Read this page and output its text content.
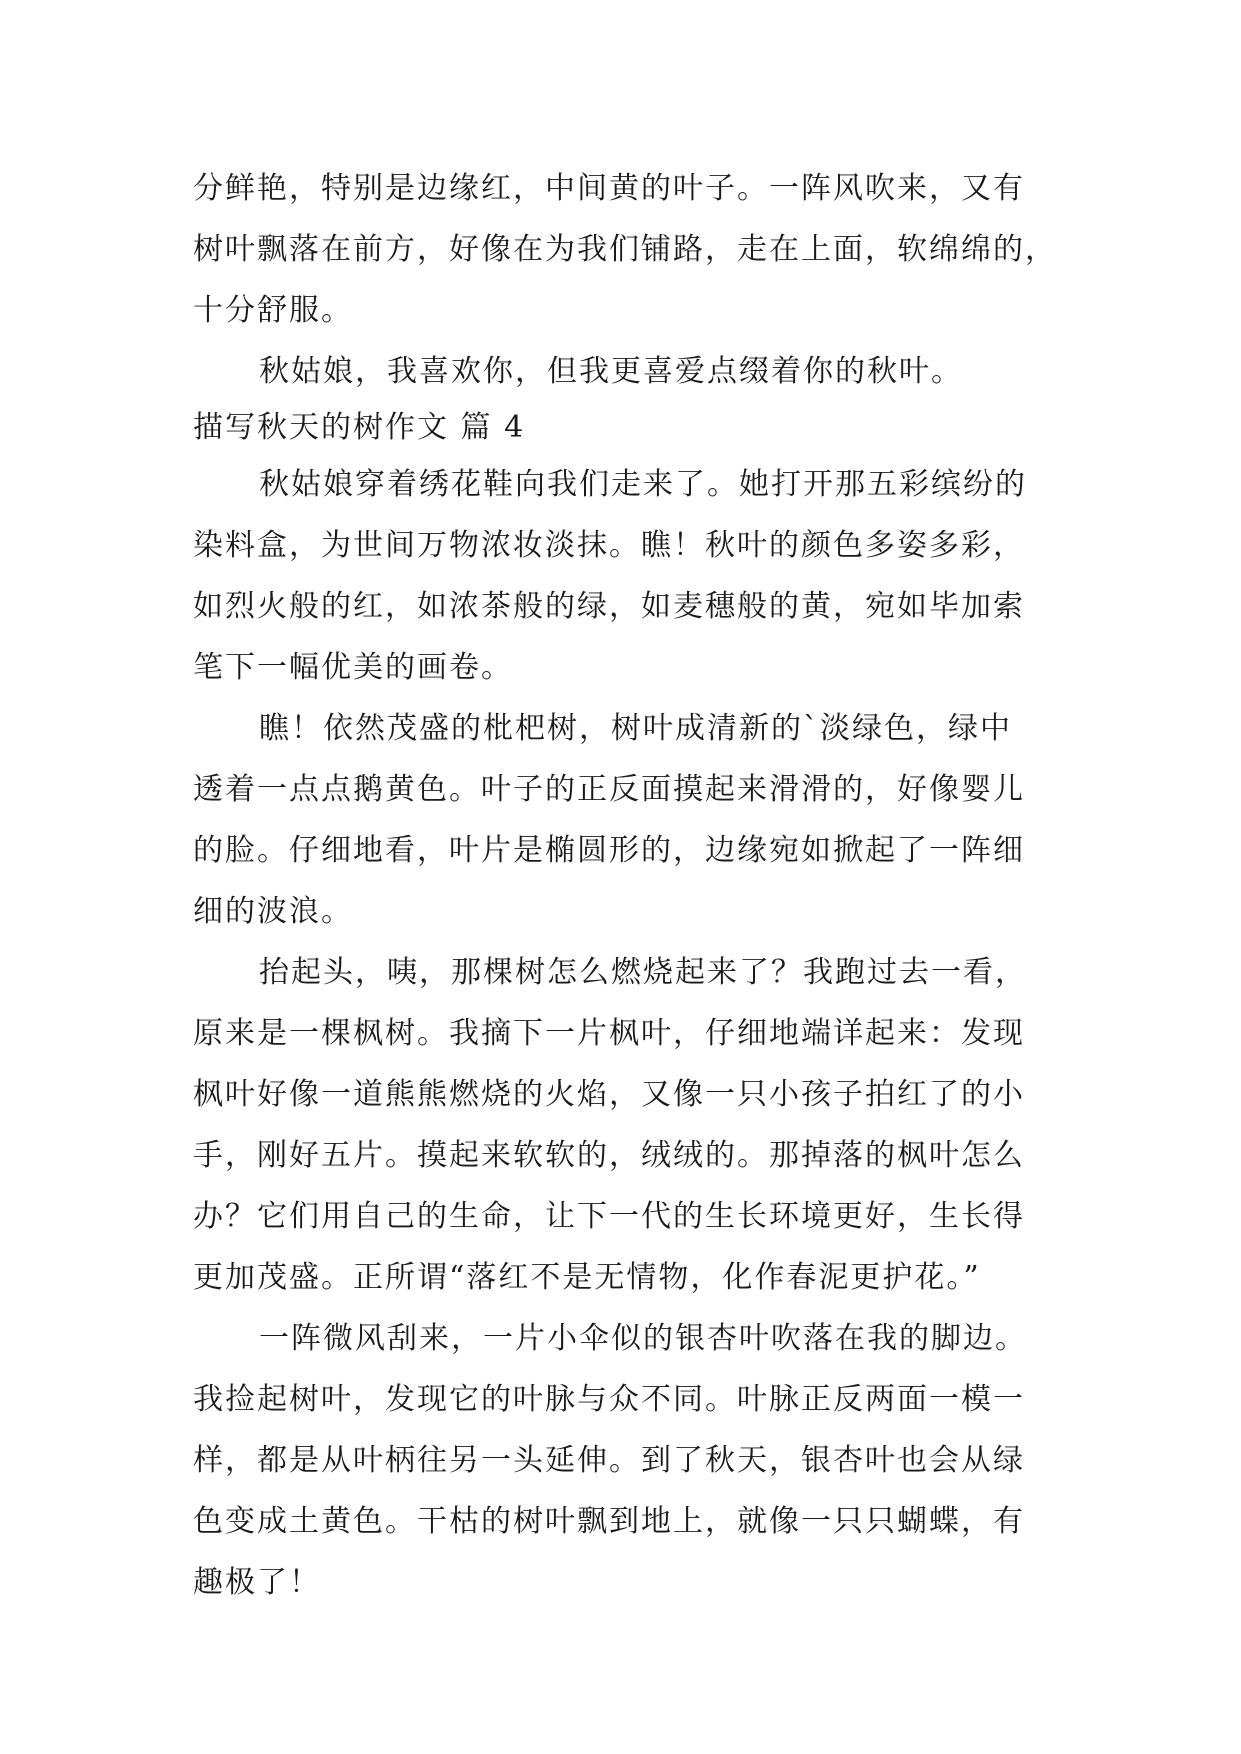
分鲜艳，特别是边缘红，中间黄的叶子。一阵风吹来，又有
树叶飘落在前方，好像在为我们铺路，走在上面，软绵绵的，
十分舒服。
秋姑娘，我喜欢你，但我更喜爱点缀着你的秋叶。
描写秋天的树作文 篇 4
秋姑娘穿着绣花鞋向我们走来了。她打开那五彩缤纷的
染料盒，为世间万物浓妆淡抹。瞧！秋叶的颜色多姿多彩，
如烈火般的红，如浓茶般的绿，如麦穗般的黄，宛如毕加索
笔下一幅优美的画卷。
瞧！依然茂盛的枇杷树，树叶成清新的`淡绿色，绿中
透着一点点鹅黄色。叶子的正反面摸起来滑滑的，好像婴儿
的脸。仔细地看，叶片是椭圆形的，边缘宛如掀起了一阵细
细的波浪。
抬起头，咦，那棵树怎么燃烧起来了？我跑过去一看，
原来是一棵枫树。我摘下一片枫叶，仔细地端详起来：发现
枫叶好像一道熊熊燃烧的火焰，又像一只小孩子拍红了的小
手，刚好五片。摸起来软软的，绒绒的。那掉落的枫叶怎么
办？它们用自己的生命，让下一代的生长环境更好，生长得
更加茂盛。正所谓“落红不是无情物，化作春泥更护花。”
一阵微风刮来，一片小伞似的银杏叶吹落在我的脚边。
我捡起树叶，发现它的叶脉与众不同。叶脉正反两面一模一
样，都是从叶柄往另一头延伸。到了秋天，银杏叶也会从绿
色变成土黄色。干枯的树叶飘到地上，就像一只只蝴蝶，有
趣极了！
